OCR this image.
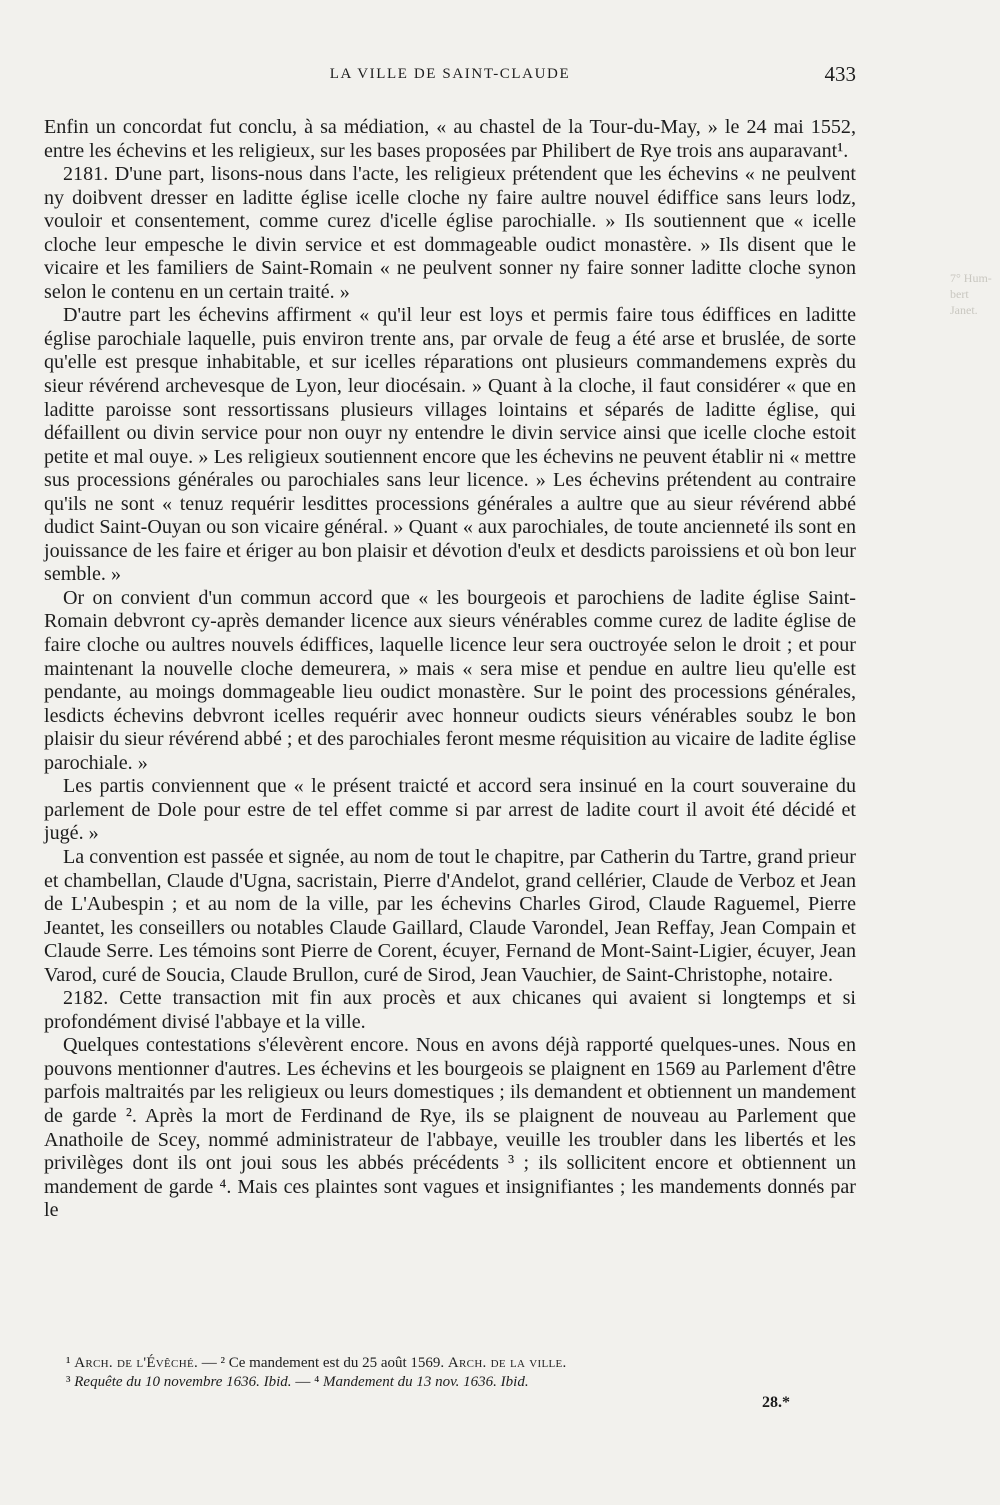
LA VILLE DE SAINT-CLAUDE	433
7° Hum- bert Janet.

Enfin un concordat fut conclu, à sa médiation, « au chastel de la Tour-du-May, » le 24 mai 1552, entre les échevins et les religieux, sur les bases proposées par Philibert de Rye trois ans auparavant¹.

2181. D'une part, lisons-nous dans l'acte, les religieux prétendent que les échevins « ne peulvent ny doibvent dresser en laditte église icelle cloche ny faire aultre nouvel édiffice sans leurs lodz, vouloir et consentement, comme curez d'icelle église parochialle. » Ils soutiennent que « icelle cloche leur empesche le divin service et est dommageable oudict monastère. » Ils disent que le vicaire et les familiers de Saint-Romain « ne peulvent sonner ny faire sonner laditte cloche synon selon le contenu en un certain traité. »

D'autre part les échevins affirment « qu'il leur est loys et permis faire tous édiffices en laditte église parochiale laquelle, puis environ trente ans, par orvale de feug a été arse et bruslée, de sorte qu'elle est presque inhabitable, et sur icelles réparations ont plusieurs commandemens exprès du sieur révérend archevesque de Lyon, leur diocésain. » Quant à la cloche, il faut considérer « que en laditte paroisse sont ressortissans plusieurs villages lointains et séparés de laditte église, qui défaillent ou divin service pour non ouyr ny entendre le divin service ainsi que icelle cloche estoit petite et mal ouye. » Les religieux soutiennent encore que les échevins ne peuvent établir ni « mettre sus processions générales ou parochiales sans leur licence. » Les échevins prétendent au contraire qu'ils ne sont « tenuz requérir lesdittes processions générales a aultre que au sieur révérend abbé dudict Saint-Ouyan ou son vicaire général. » Quant « aux parochiales, de toute ancienneté ils sont en jouissance de les faire et ériger au bon plaisir et dévotion d'eulx et desdicts paroissiens et où bon leur semble. »

Or on convient d'un commun accord que « les bourgeois et parochiens de ladite église Saint-Romain debvront cy-après demander licence aux sieurs vénérables comme curez de ladite église de faire cloche ou aultres nouvels édiffices, laquelle licence leur sera ouctroyée selon le droit ; et pour maintenant la nouvelle cloche demeurera, » mais « sera mise et pendue en aultre lieu qu'elle est pendante, au moings dommageable lieu oudict monastère. Sur le point des processions générales, lesdicts échevins debvront icelles requérir avec honneur oudicts sieurs vénérables soubz le bon plaisir du sieur révérend abbé ; et des parochiales feront mesme réquisition au vicaire de ladite église parochiale. »

Les partis conviennent que « le présent traicté et accord sera insinué en la court souveraine du parlement de Dole pour estre de tel effet comme si par arrest de ladite court il avoit été décidé et jugé. »

La convention est passée et signée, au nom de tout le chapitre, par Catherin du Tartre, grand prieur et chambellan, Claude d'Ugna, sacristain, Pierre d'Andelot, grand cellérier, Claude de Verboz et Jean de L'Aubespin ; et au nom de la ville, par les échevins Charles Girod, Claude Raguemel, Pierre Jeantet, les conseillers ou notables Claude Gaillard, Claude Varondel, Jean Reffay, Jean Compain et Claude Serre. Les témoins sont Pierre de Corent, écuyer, Fernand de Mont-Saint-Ligier, écuyer, Jean Varod, curé de Soucia, Claude Brullon, curé de Sirod, Jean Vauchier, de Saint-Christophe, notaire.

2182. Cette transaction mit fin aux procès et aux chicanes qui avaient si longtemps et si profondément divisé l'abbaye et la ville.

Quelques contestations s'élevèrent encore. Nous en avons déjà rapporté quelques-unes. Nous en pouvons mentionner d'autres. Les échevins et les bourgeois se plaignent en 1569 au Parlement d'être parfois maltraités par les religieux ou leurs domestiques ; ils demandent et obtiennent un mandement de garde ². Après la mort de Ferdinand de Rye, ils se plaignent de nouveau au Parlement que Anathoile de Scey, nommé administrateur de l'abbaye, veuille les troubler dans les libertés et les privilèges dont ils ont joui sous les abbés précédents ³ ; ils sollicitent encore et obtiennent un mandement de garde ⁴. Mais ces plaintes sont vagues et insignifiantes ; les mandements donnés par le

¹ Arch. de l'Évêché. — ² Ce mandement est du 25 août 1569. Arch. de la ville.

³ Requête du 10 novembre 1636. Ibid. — ⁴ Mandement du 13 nov. 1636. Ibid.

28.*
